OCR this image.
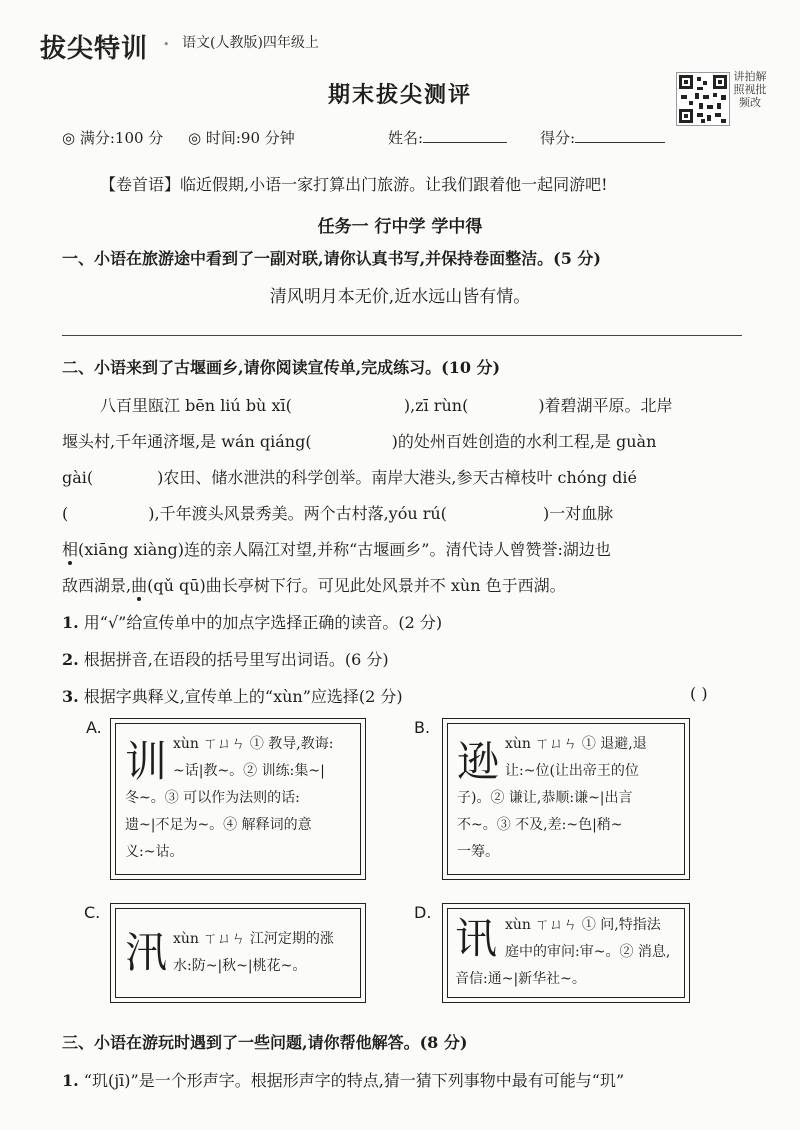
拔尖特训 • 语文(人教版)四年级上
讲拍解照视批频改
期末拔尖测评
◎ 满分:100 分 ◎ 时间:90 分钟	姓名:	得分:
【卷首语】临近假期,小语一家打算出门旅游。让我们跟着他一起同游吧!
任务一 行中学 学中得
一、小语在旅游途中看到了一副对联,请你认真书写,并保持卷面整洁。(5 分)
清风明月本无价,近水远山皆有情。
二、小语来到了古堰画乡,请你阅读宣传单,完成练习。(10 分)
八百里瓯江 bēn liú bù xī(	),zī rùn(	)着碧湖平原。北岸
堰头村,千年通济堰,是 wán qiáng(	)的处州百姓创造的水利工程,是 guàn
gài(	)农田、储水泄洪的科学创举。南岸大港头,参天古樟枝叶 chóng dié
(	),千年渡头风景秀美。两个古村落,yóu rú(	)一对血脉
相(xiāng xiàng)连的亲人隔江对望,并称“古堰画乡”。清代诗人曾赞誉:湖边也
敌西湖景,曲(qǔ qū)曲长亭树下行。可见此处风景并不 xùn 色于西湖。
1. 用“√”给宣传单中的加点字选择正确的读音。(2 分)
2. 根据拼音,在语段的括号里写出词语。(6 分)
3. 根据字典释义,宣传单上的“xùn”应选择(2 分)	( )
A.
训 xùn ㄒㄩㄣ ① 教导,教诲:
~话|教~。② 训练:集~|
冬~。③ 可以作为法则的话:
遗~|不足为~。④ 解释词的意
义:~诂。
B.
逊 xùn ㄒㄩㄣ ① 退避,退
让:~位(让出帝王的位
子)。② 谦让,恭顺:谦~|出言
不~。③ 不及,差:~色|稍~
一筹。
C.
汛 xùn ㄒㄩㄣ 江河定期的涨
水:防~|秋~|桃花~。
D.
讯 xùn ㄒㄩㄣ ① 问,特指法
庭中的审问:审~。② 消息,
音信:通~|新华社~。
三、小语在游玩时遇到了一些问题,请你帮他解答。(8 分)
1. “玑(jī)”是一个形声字。根据形声字的特点,猜一猜下列事物中最有可能与“玑”
